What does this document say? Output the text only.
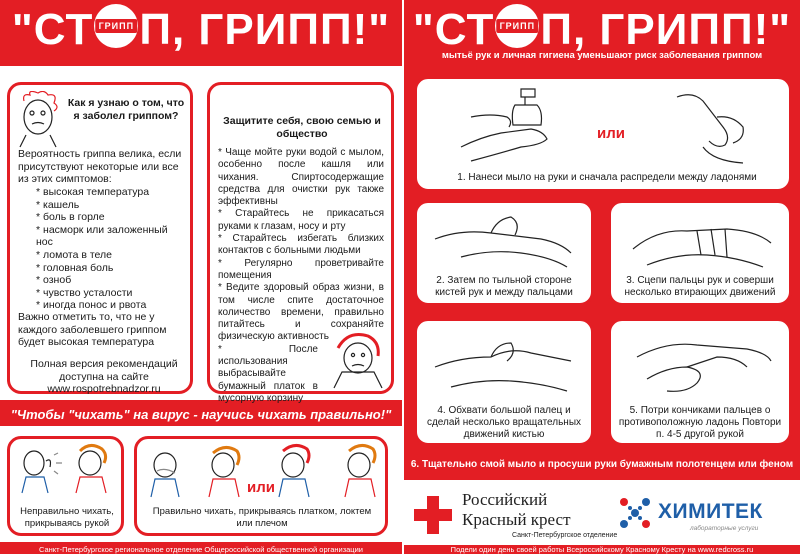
"СТ ГРИПП П, ГРИПП!"
Как я узнаю о том, что я заболел гриппом?
Вероятность гриппа велика, если присутствуют некоторые или все из этих симптомов:
* высокая температура
* кашель
* боль в горле
* насморк или заложенный нос
* ломота в теле
* головная боль
* озноб
* чувство усталости
* иногда понос и рвота
Важно отметить то, что не у каждого заболевшего гриппом будет высокая температура
Полная версия рекомендаций доступна на сайте
www.rospotrebnadzor.ru
Защитите себя, свою семью и общество
* Чаще мойте руки водой с мылом, особенно после кашля или чихания. Спиртосодержащие средства для очистки рук также эффективны
* Старайтесь не прикасаться руками к глазам, носу и рту
* Старайтесь избегать близких контактов с больными людьми
* Регулярно проветривайте помещения
* Ведите здоровый образ жизни, в том числе спите достаточное количество времени, правильно питайтесь и сохраняйте физическую активность
* После использования выбрасывайте бумажный платок в мусорную корзину
"Чтобы "чихать" на вирус - научись чихать правильно!"
Неправильно чихать, прикрываясь рукой
или
Правильно чихать, прикрываясь платком, локтем или плечом
Санкт-Петербургское региональное отделение Общероссийской общественной организации
"СТ ГРИПП П, ГРИПП!"
мытьё рук и личная гигиена уменьшают риск заболевания гриппом
или
1. Нанеси мыло на руки и сначала распредели между ладонями
2. Затем по тыльной стороне кистей рук и между пальцами
3. Сцепи пальцы рук и соверши несколько втирающих движений
4. Обхвати большой палец и сделай несколько вращательных движений кистью
5. Потри кончиками пальцев о противоположную ладонь Повтори п. 4-5 другой рукой
6. Тщательно смой мыло и просуши руки бумажным полотенцем или феном
Российский
Красный крест
Санкт-Петербургское отделение
ХИМИТЕК
лабораторные услуги
Подели один день своей работы Всероссийскому Красному Кресту на www.redcross.ru
